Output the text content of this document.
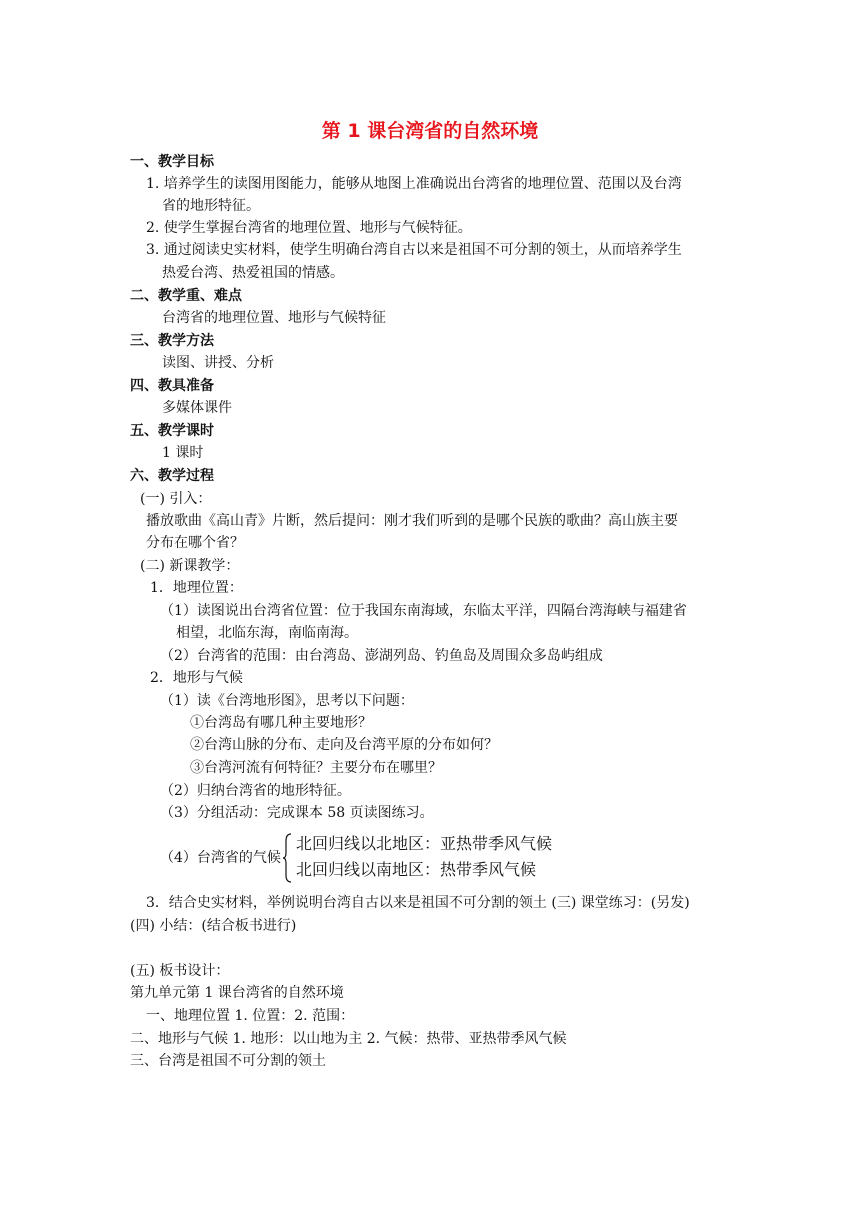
第 1 课台湾省的自然环境
一、教学目标
1. 培养学生的读图用图能力，能够从地图上准确说出台湾省的地理位置、范围以及台湾
省的地形特征。
2. 使学生掌握台湾省的地理位置、地形与气候特征。
3. 通过阅读史实材料，使学生明确台湾自古以来是祖国不可分割的领土，从而培养学生
热爱台湾、热爱祖国的情感。
二、教学重、难点
台湾省的地理位置、地形与气候特征
三、教学方法
读图、讲授、分析
四、教具准备
多媒体课件
五、教学课时
1 课时
六、教学过程
(一) 引入：
播放歌曲《高山青》片断，然后提问：刚才我们听到的是哪个民族的歌曲？高山族主要
分布在哪个省？
(二) 新课教学：
1．地理位置：
（1）读图说出台湾省位置：位于我国东南海域，东临太平洋，四隔台湾海峡与福建省
相望，北临东海，南临南海。
（2）台湾省的范围：由台湾岛、澎湖列岛、钓鱼岛及周围众多岛屿组成
2．地形与气候
（1）读《台湾地形图》，思考以下问题：
①台湾岛有哪几种主要地形？
②台湾山脉的分布、走向及台湾平原的分布如何？
③台湾河流有何特征？主要分布在哪里？
（2）归纳台湾省的地形特征。
（3）分组活动：完成课本 58 页读图练习。
（4）台湾省的气候
北回归线以北地区：亚热带季风气候
北回归线以南地区：热带季风气候
3．结合史实材料，举例说明台湾自古以来是祖国不可分割的领土 (三) 课堂练习：(另发)
(四) 小结：(结合板书进行)
(五) 板书设计：
第九单元第 1 课台湾省的自然环境
一、地理位置 1. 位置：2. 范围：
二、地形与气候 1. 地形：以山地为主 2. 气候：热带、亚热带季风气候
三、台湾是祖国不可分割的领土
